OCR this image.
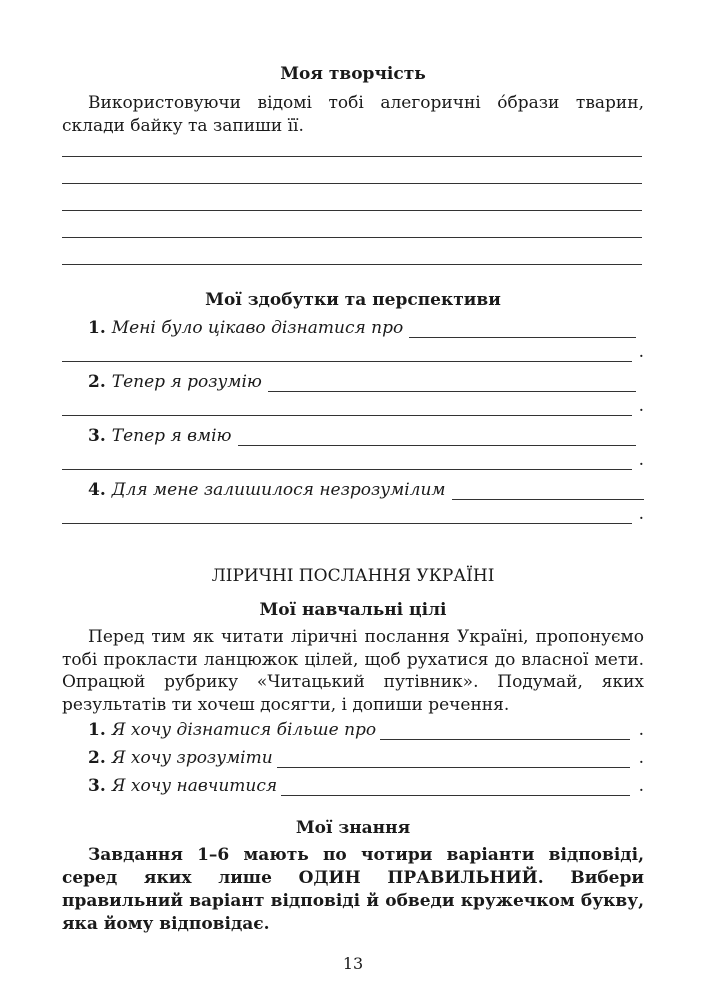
Моя творчість
Використовуючи відомі тобі алегоричні о́брази тварин, склади байку та запиши її.
Мої здобутки та перспективи
1. Мені було цікаво дізнатися про
.
2. Тепер я розумію
.
3. Тепер я вмію
.
4. Для мене залишилося незрозумілим
.
ЛІРИЧНІ ПОСЛАННЯ УКРАЇНІ
Мої навчальні цілі
Перед тим як читати ліричні послання Україні, пропонуємо тобі прокласти ланцюжок цілей, щоб рухатися до власної мети. Опрацюй рубрику «Читацький путівник». Подумай, яких результатів ти хочеш досягти, і допиши речення.
1. Я хочу дізнатися більше про	.
2. Я хочу зрозуміти	.
3. Я хочу навчитися	.
Мої знання
Завдання 1–6 мають по чотири варіанти відповіді, серед яких лише ОДИН ПРАВИЛЬНИЙ. Вибери правильний варіант відповіді й обведи кружечком букву, яка йому відповідає.
13
